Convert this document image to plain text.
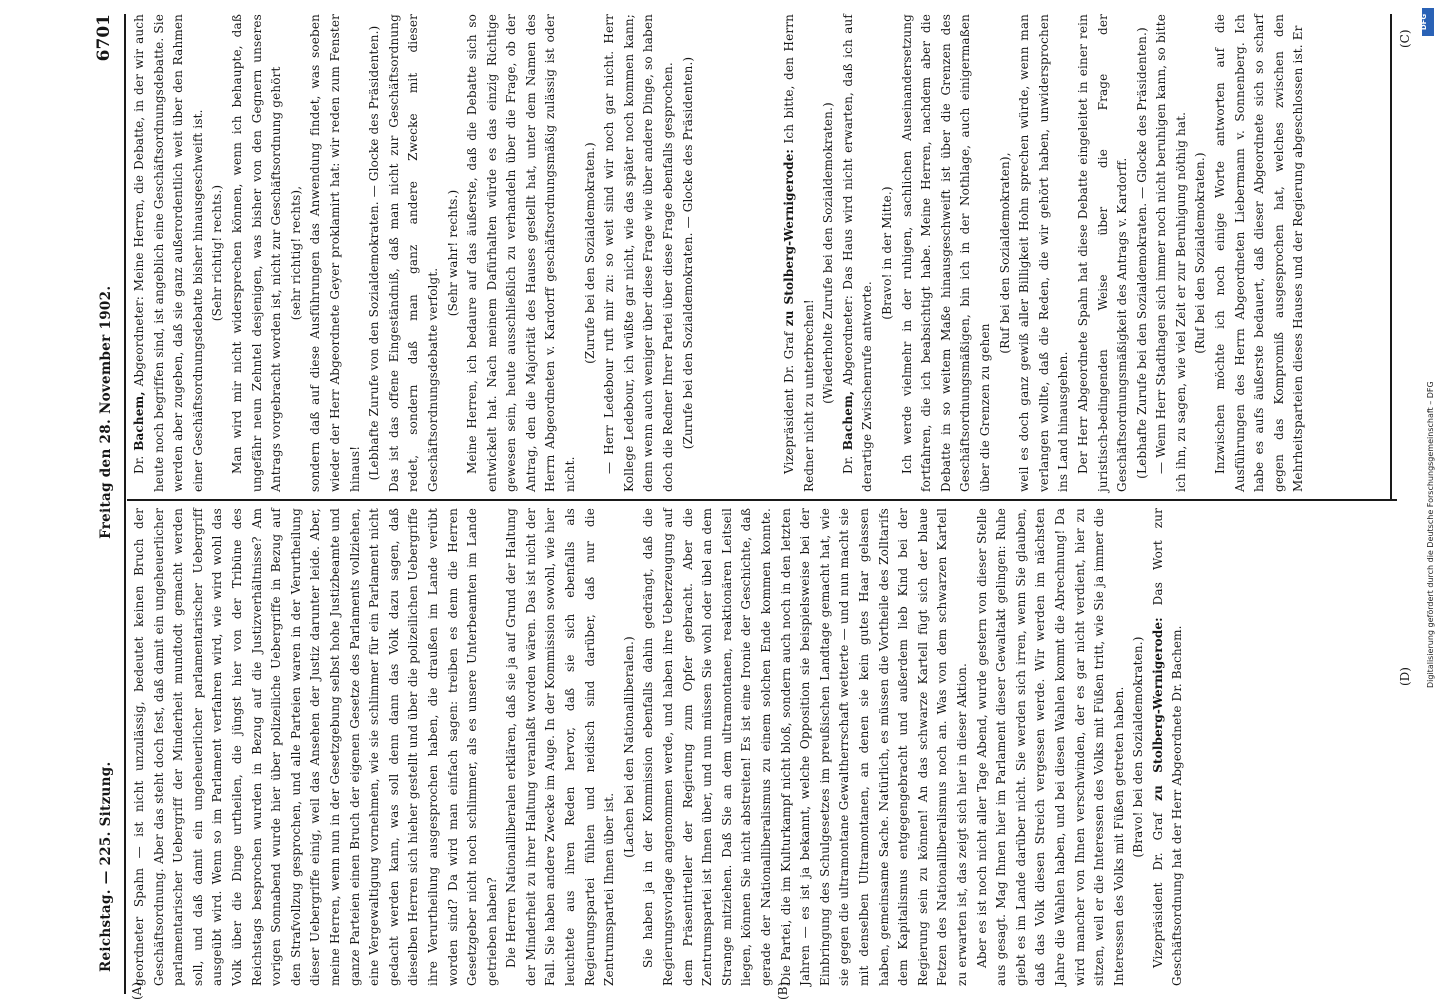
Reichstag. — 225. Sitzung.
Freitag den 28. November 1902.
6701
(A)	(B)
(C)
(D)

geordneter Spahn — ist nicht unzulässig, bedeutet keinen Bruch der Geschäftsordnung. Aber das steht doch fest, daß damit ein ungeheuerlicher parlamentarischer Uebergriff der Minderheit mundtodt gemacht werden soll, und daß damit ein ungeheuerlicher parlamentarischer Uebergriff ausgeübt wird. Wenn so im Parlament verfahren wird, wie wird wohl das Volk über die Dinge urtheilen, die jüngst hier von der Tribüne des Reichstags besprochen wurden in Bezug auf die Justizverhältnisse? Am vorigen Sonnabend wurde hier über polizeiliche Uebergriffe in Bezug auf den Strafvollzug gesprochen, und alle Parteien waren in der Verurtheilung dieser Uebergriffe einig, weil das Ansehen der Justiz darunter leide. Aber, meine Herren, wenn nun in der Gesetzgebung selbst hohe Justizbeamte und ganze Parteien einen Bruch der eigenen Gesetze des Parlaments vollziehen, eine Vergewaltigung vornehmen, wie sie schlimmer für ein Parlament nicht gedacht werden kann, was soll denn dann das Volk dazu sagen, daß dieselben Herren sich hieher gestellt und über die polizeilichen Uebergriffe ihre Verurtheilung ausgesprochen haben, die draußen im Lande verübt worden sind? Da wird man einfach sagen: treiben es denn die Herren Gesetzgeber nicht noch schlimmer, als es unsere Unterbeamten im Lande getrieben haben? Die Herren Nationalliberalen erklären, daß sie ja auf Grund der Haltung der Minderheit zu ihrer Haltung veranlaßt worden wären. Das ist nicht der Fall. Sie haben andere Zwecke im Auge. In der Kommission sowohl, wie hier leuchtete aus ihren Reden hervor, daß sie sich ebenfalls als Regierungspartei fühlen und neidisch sind darüber, daß nur die Zentrumspartei Ihnen über ist.

(Lachen bei den Nationalliberalen.) Sie haben ja in der Kommission ebenfalls dahin gedrängt, daß die Regierungsvorlage angenommen werde, und haben ihre Ueberzeugung auf dem Präsentirteller der Regierung zum Opfer gebracht. Aber die Zentrumspartei ist Ihnen über, und nun müssen Sie wohl oder übel an dem Strange mitziehen. Daß Sie an dem ultramontanen, reaktionären Leitseil liegen, können Sie nicht abstreiten! Es ist eine Ironie der Geschichte, daß gerade der Nationalliberalismus zu einem solchen Ende kommen konnte. Die Partei, die im Kulturkampf nicht bloß, sondern auch noch in den letzten Jahren — es ist ja bekannt, welche Opposition sie beispielsweise bei der Einbringung des Schulgesetzes im preußischen Landtage gemacht hat, wie sie gegen die ultramontane Gewaltherrschaft wetterte — und nun macht sie mit denselben Ultramontanen, an denen sie kein gutes Haar gelassen haben, gemeinsame Sache. Natürlich, es müssen die Vortheile des Zolltarifs dem Kapitalismus entgegengebracht und außerdem lieb Kind bei der Regierung sein zu können! An das schwarze Kartell fügt sich der blaue Fetzen des Nationalliberalismus noch an. Was von dem schwarzen Kartell zu erwarten ist, das zeigt sich hier in dieser Aktion. Aber es ist noch nicht aller Tage Abend, wurde gestern von dieser Stelle aus gesagt. Mag Ihnen hier im Parlament dieser Gewaltakt gelingen: Ruhe giebt es im Lande darüber nicht. Sie werden sich irren, wenn Sie glauben, daß das Volk diesen Streich vergessen werde. Wir werden im nächsten Jahre die Wahlen haben, und bei diesen Wahlen kommt die Abrechnung! Da wird mancher von Ihnen verschwinden, der es gar nicht verdient, hier zu sitzen, weil er die Interessen des Volks mit Füßen tritt, wie Sie ja immer die Interessen des Volks mit Füßen getreten haben. (Bravo! bei den Sozialdemokraten.)

Vizepräsident Dr. Graf zu Stolberg-Wernigerode: Das Wort zur Geschäftsordnung hat der Herr Abgeordnete Dr. Bachem.

Dr. Bachem, Abgeordneter: Meine Herren, die Debatte, in der wir auch heute noch begriffen sind, ist angeblich eine Geschäftsordnungsdebatte. Sie werden aber zugeben, daß sie ganz außerordentlich weit über den Rahmen einer Geschäftsordnungsdebatte bisher hinausgeschweift ist. (Sehr richtig! rechts.) Man wird mir nicht widersprechen können, wenn ich behaupte, daß ungefähr neun Zehntel desjenigen, was bisher von den Gegnern unseres Antrags vorgebracht worden ist, nicht zur Geschäftsordnung gehört (sehr richtig! rechts), sondern daß auf diese Ausführungen das Anwendung findet, was soeben wieder der Herr Abgeordnete Geyer proklamirt hat: wir reden zum Fenster hinaus! (Lebhafte Zurufe von den Sozialdemokraten. — Glocke des Präsidenten.) Das ist das offene Eingeständniß, daß man nicht zur Geschäftsordnung redet, sondern daß man ganz andere Zwecke mit dieser Geschäftsordnungsdebatte verfolgt.

(Sehr wahr! rechts.) Meine Herren, ich bedaure auf das äußerste, daß die Debatte sich so entwickelt hat. Nach meinem Dafürhalten würde es das einzig Richtige gewesen sein, heute ausschließlich zu verhandeln über die Frage, ob der Antrag, den die Majorität des Hauses gestellt hat, unter dem Namen des Herrn Abgeordneten v. Kardorff geschäftsordnungsmäßig zulässig ist oder nicht.

(Zurufe bei den Sozialdemokraten.) — Herr Ledebour ruft mir zu: so weit sind wir noch gar nicht. Herr Kollege Ledebour, ich wüßte gar nicht, wie das später noch kommen kann; denn wenn auch weniger über diese Frage wie über andere Dinge, so haben doch die Redner Ihrer Partei über diese Frage ebenfalls gesprochen. (Zurufe bei den Sozialdemokraten. — Glocke des Präsidenten.)	Vizepräsident Dr. Graf zu Stolberg-Wernigerode: Ich bitte, den Herrn Redner nicht zu unterbrechen! (Wiederholte Zurufe bei den Sozialdemokraten.)

Dr. Bachem, Abgeordneter: Das Haus wird nicht erwarten, daß ich auf derartige Zwischenrufe antworte.

(Bravo! in der Mitte.) Ich werde vielmehr in der ruhigen, sachlichen Auseinandersetzung fortfahren, die ich beabsichtigt habe. Meine Herren, nachdem aber die Debatte in so weitem Maße hinausgeschweift ist über die Grenzen des Geschäftsordnungsmäßigen, bin ich in der Nothlage, auch einigermaßen über die Grenzen zu gehen

(Ruf bei den Sozialdemokraten), weil es doch ganz gewiß aller Billigkeit Hohn sprechen würde, wenn man verlangen wollte, daß die Reden, die wir gehört haben, unwidersprochen ins Land hinausgehen. Der Herr Abgeordnete Spahn hat diese Debatte eingeleitet in einer rein juristisch-bedingenden Weise über die Frage der Geschäftsordnungsmäßigkeit des Antrags v. Kardorff. (Lebhafte Zurufe bei den Sozialdemokraten. — Glocke des Präsidenten.) — Wenn Herr Stadthagen sich immer noch nicht beruhigen kann, so bitte ich ihn, zu sagen, wie viel Zeit er zur Beruhigung nöthig hat. (Ruf bei den Sozialdemokraten.) Inzwischen möchte ich noch einige Worte antworten auf die Ausführungen des Herrn Abgeordneten Liebermann v. Sonnenberg. Ich habe es aufs äußerste bedauert, daß dieser Abgeordnete sich so scharf gegen das Kompromiß ausgesprochen hat, welches zwischen den Mehrheitsparteien dieses Hauses und der Regierung abgeschlossen ist. Er

DFG
Digitalisierung gefördert durch die Deutsche Forschungsgemeinschaft – DFG
